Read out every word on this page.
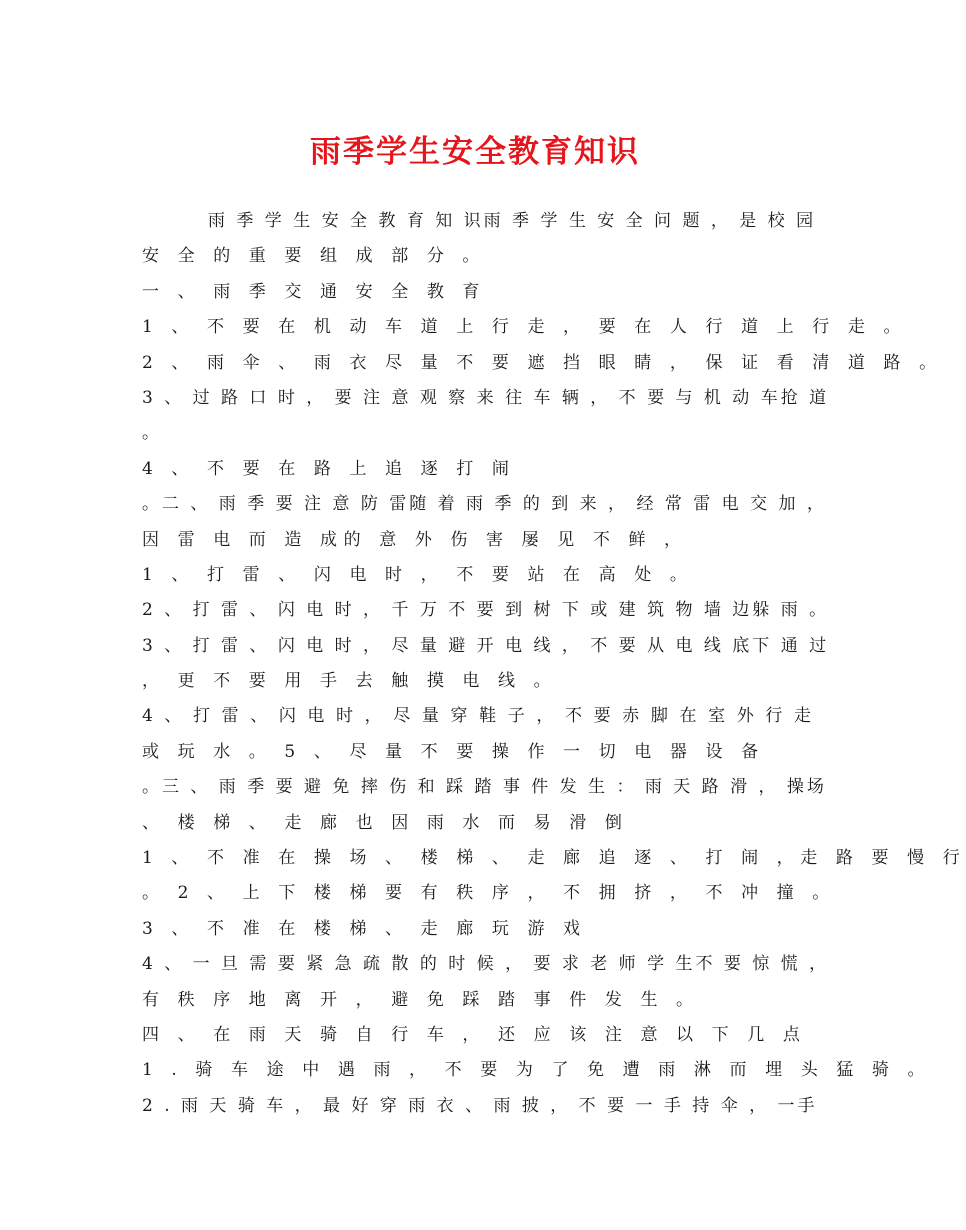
雨季学生安全教育知识
雨 季 学 生 安 全 教 育 知 识雨 季 学 生 安 全 问 题 ， 是 校 园
安 全 的 重 要 组 成 部 分 。
一 、 雨 季 交 通 安 全 教 育
1 、 不 要 在 机 动 车 道 上 行 走 ， 要 在 人 行 道 上 行 走 。
2 、 雨 伞 、 雨 衣 尽 量 不 要 遮 挡 眼 睛 ， 保 证 看 清 道 路 。
3 、 过 路 口 时 ， 要 注 意 观 察 来 往 车 辆 ， 不 要 与 机 动 车抢 道
。
4 、 不 要 在 路 上 追 逐 打 闹
。二 、 雨 季 要 注 意 防 雷随 着 雨 季 的 到 来 ， 经 常 雷 电 交 加 ，
因 雷 电 而 造 成的 意 外 伤 害 屡 见 不 鲜 ，
1 、 打 雷 、 闪 电 时 ， 不 要 站 在 高 处 。
2 、 打 雷 、 闪 电 时 ， 千 万 不 要 到 树 下 或 建 筑 物 墙 边躲 雨 。
3 、 打 雷 、 闪 电 时 ， 尽 量 避 开 电 线 ， 不 要 从 电 线 底下 通 过
， 更 不 要 用 手 去 触 摸 电 线 。
4 、 打 雷 、 闪 电 时 ， 尽 量 穿 鞋 子 ， 不 要 赤 脚 在 室 外 行 走
或 玩 水 。 5 、 尽 量 不 要 操 作 一 切 电 器 设 备
。三 、 雨 季 要 避 免 摔 伤 和 踩 踏 事 件 发 生 ： 雨 天 路 滑 ， 操场
、 楼 梯 、 走 廊 也 因 雨 水 而 易 滑 倒
1 、 不 准 在 操 场 、 楼 梯 、 走 廊 追 逐 、 打 闹 ，走 路 要 慢 行
。 2 、 上 下 楼 梯 要 有 秩 序 ， 不 拥 挤 ， 不 冲 撞 。
3 、 不 准 在 楼 梯 、 走 廊 玩 游 戏
4 、 一 旦 需 要 紧 急 疏 散 的 时 候 ， 要 求 老 师 学 生不 要 惊 慌 ，
有 秩 序 地 离 开 ， 避 免 踩 踏 事 件 发 生 。
四 、 在 雨 天 骑 自 行 车 ， 还 应 该 注 意 以 下 几 点
1 . 骑 车 途 中 遇 雨 ， 不 要 为 了 免 遭 雨 淋 而 埋 头 猛 骑 。
2 . 雨 天 骑 车 ， 最 好 穿 雨 衣 、 雨 披 ， 不 要 一 手 持 伞 ， 一手
